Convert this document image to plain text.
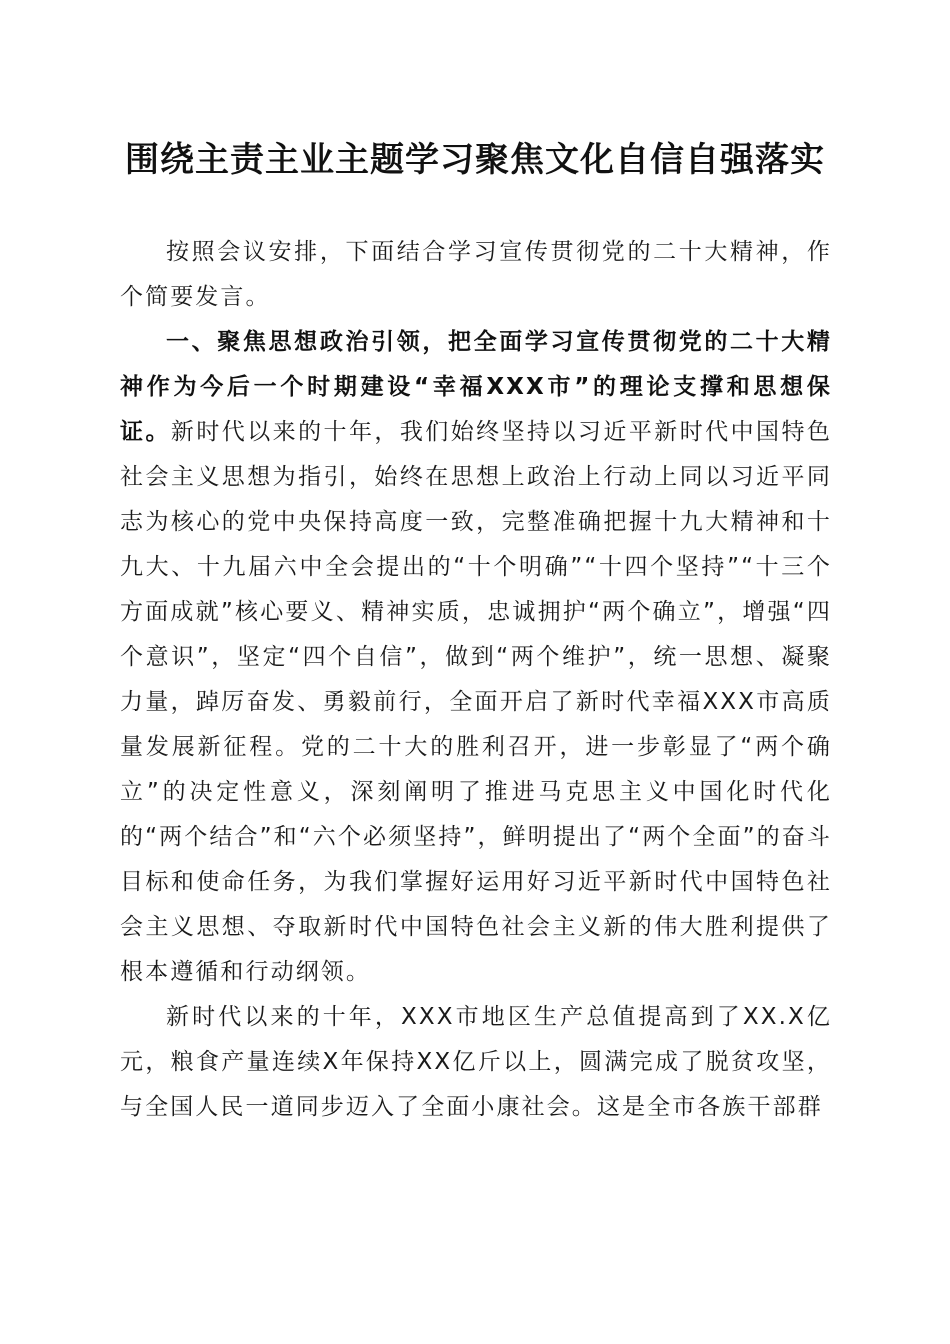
围绕主责主业主题学习聚焦文化自信自强落实

按照会议安排，下面结合学习宣传贯彻党的二十大精神，作个简要发言。

一、聚焦思想政治引领，把全面学习宣传贯彻党的二十大精神作为今后一个时期建设“幸福XXX市”的理论支撑和思想保证。新时代以来的十年，我们始终坚持以习近平新时代中国特色社会主义思想为指引，始终在思想上政治上行动上同以习近平同志为核心的党中央保持高度一致，完整准确把握十九大精神和十九大、十九届六中全会提出的“十个明确”“十四个坚持”“十三个方面成就”核心要义、精神实质，忠诚拥护“两个确立”，增强“四个意识”，坚定“四个自信”，做到“两个维护”，统一思想、凝聚力量，踔厉奋发、勇毅前行，全面开启了新时代幸福XXX市高质量发展新征程。党的二十大的胜利召开，进一步彰显了“两个确立”的决定性意义，深刻阐明了推进马克思主义中国化时代化的“两个结合”和“六个必须坚持”，鲜明提出了“两个全面”的奋斗目标和使命任务，为我们掌握好运用好习近平新时代中国特色社会主义思想、夺取新时代中国特色社会主义新的伟大胜利提供了根本遵循和行动纲领。

新时代以来的十年，XXX市地区生产总值提高到了XX.X亿元，粮食产量连续X年保持XX亿斤以上，圆满完成了脱贫攻坚，与全国人民一道同步迈入了全面小康社会。这是全市各族干部群
